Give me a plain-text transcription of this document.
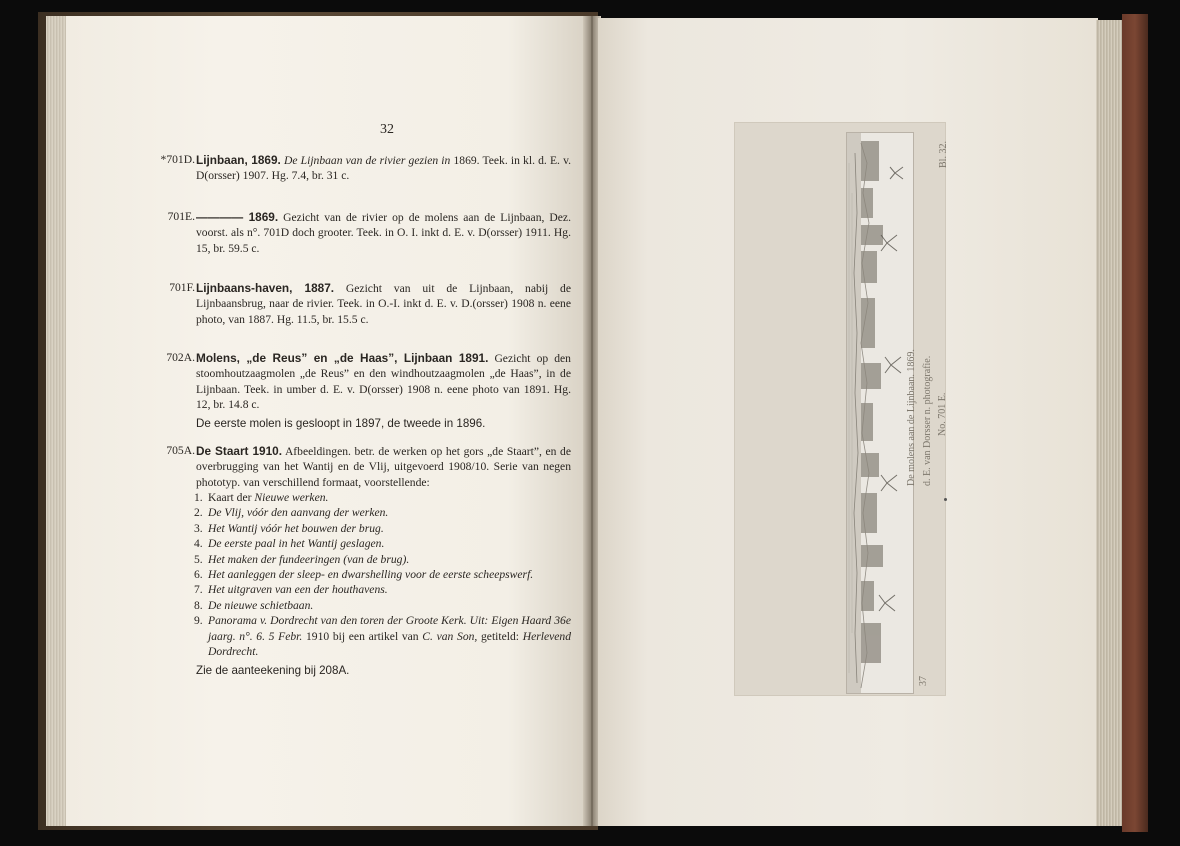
32
*701D. Lijnbaan, 1869. De Lijnbaan van de rivier gezien in 1869. Teek. in kl. d. E. v. D(orsser) 1907. Hg. 7.4, br. 31 c.

701E. ———— 1869. Gezicht van de rivier op de molens aan de Lijnbaan, Dez. voorst. als n°. 701D doch grooter. Teek. in O. I. inkt d. E. v. D(orsser) 1911. Hg. 15, br. 59.5 c.

701F. Lijnbaans-haven, 1887. Gezicht van uit de Lijnbaan, nabij de Lijnbaansbrug, naar de rivier. Teek. in O.-I. inkt d. E. v. D.(orsser) 1908 n. eene photo, van 1887. Hg. 11.5, br. 15.5 c.

702A. Molens, „de Reus” en „de Haas”, Lijnbaan 1891. Gezicht op den stoomhoutzaagmolen „de Reus” en den windhoutzaagmolen „de Haas”, in de Lijnbaan. Teek. in umber d. E. v. D(orsser) 1908 n. eene photo van 1891. Hg. 12, br. 14.8 c.

De eerste molen is gesloopt in 1897, de tweede in 1896.

705A. De Staart 1910. Afbeeldingen. betr. de werken op het gors „de Staart”, en de overbrugging van het Wantij en de Vlij, uitgevoerd 1908/10. Serie van negen phototyp. van verschillend formaat, voorstellende:

1. Kaart der Nieuwe werken.
2. De Vlij, vóór den aanvang der werken.
3. Het Wantij vóór het bouwen der brug.
4. De eerste paal in het Wantij geslagen.
5. Het maken der fundeeringen (van de brug).
6. Het aanleggen der sleep- en dwarshelling voor de eerste scheepswerf.
7. Het uitgraven van een der houthavens.
8. De nieuwe schietbaan.
9. Panorama v. Dordrecht van den toren der Groote Kerk. Uit: Eigen Haard 36e jaarg. n°. 6. 5 Febr. 1910 bij een artikel van C. van Son, getiteld: Herlevend Dordrecht.

Zie de aanteekening bij 208A.

Bl. 32.
De molens aan de Lijnbaan. 1869. d. E. van Dorsser n. photografie. No. 701 E.
37
